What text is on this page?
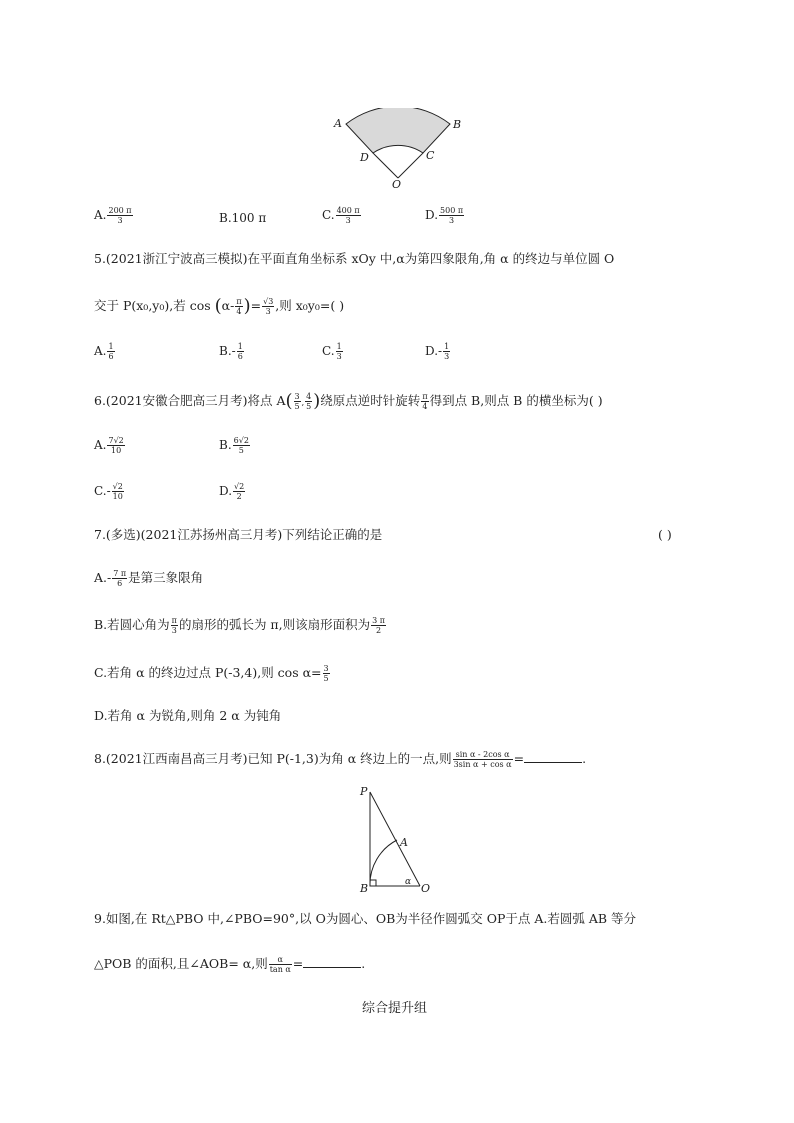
A	B
D	C
O
A. $\frac{200 \pi}{3}$	B.100 π	C. $\frac{400 \pi}{3}$	D. $\frac{500 \pi}{3}$
5.(2021浙江宁波高三模拟)在平面直角坐标系 xOy 中,α为第四象限角,角 α 的终边与单位圆 O
交于 P(x₀,y₀),若 $\cos (\alpha- \frac{\pi}{4}$ )= $\frac{√3}{3}$ ,则 x₀y₀=( )
A. $\frac{1}{6}$	$B.- \frac{1}{6}$	C. $\frac{1}{3}$	$D.- \frac{1}{3}$
6.(2021安徽合肥高三月考)将点 $A( \frac{3}{5}$ , $\frac{4}{5}$ )绕原点逆时针旋转 $\frac{\pi}{4}$ 得到点 B,则点 B 的横坐标为( )
A. $\frac{7√2}{10}$	B. $\frac{6√2}{5}$
$C.- \frac{√2}{10}$	D. $\frac{√2}{2}$
7.(多选)(2021江苏扬州高三月考)下列结论正确的是	( )
$A.- \frac{7 \pi}{6}$ 是第三象限角
B.若圆心角为 $\frac{\pi}{3}$ 的扇形的弧长为 π,则该扇形面积为 $\frac{3 \pi}{2}$
C.若角 α 的终边过点 P(-3,4),则 $\cos \alpha= \frac{3}{5}$
D.若角 α 为锐角,则角 2 α 为钝角
8.(2021江西南昌高三月考)已知 P(-1,3)为角 α 终边上的一点,则 $\frac{\text{sin α - 2cos α}}{\text{3sin α + cos α}}$ =	.
P
A
B	O
α
9.如图,在 Rt△PBO 中,∠PBO=90°,以 O为圆心、OB为半径作圆弧交 OP于点 A.若圆弧 AB 等分
△POB 的面积,且∠AOB= α,则 $\frac{\alpha}{\text{tan α}}$ =	.
综合提升组
